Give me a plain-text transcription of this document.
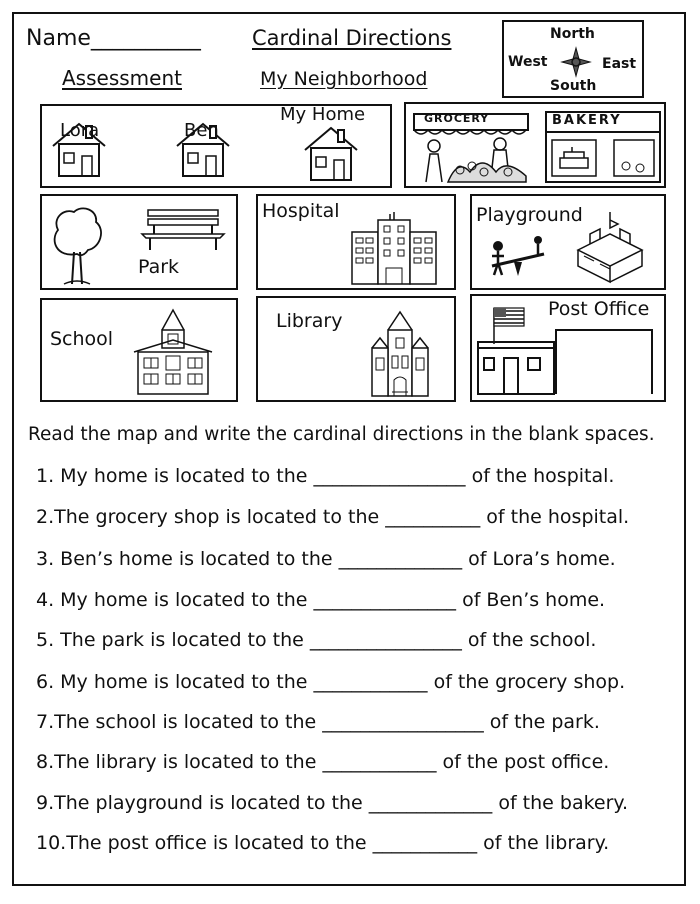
Name__________ Cardinal Directions
Assessment	My Neighborhood
North
West	East
South
Lora	Ben
My Home	GROCERY	BAKERY
Park
Hospital	Playground
School
Library
Post Office
Read the map and write the cardinal directions in the blank spaces.
1. My home is located to the ________________ of the hospital.
2.The grocery shop is located to the __________ of the hospital.
3. Ben’s home is located to the _____________ of Lora’s home.
4. My home is located to the _______________ of Ben’s home.
5. The park is located to the ________________ of the school.
6. My home is located to the ____________ of the grocery shop.
7.The school is located to the _________________ of the park.
8.The library is located to the ____________ of the post office.
9.The playground is located to the _____________ of the bakery.
10.The post office is located to the ___________ of the library.
